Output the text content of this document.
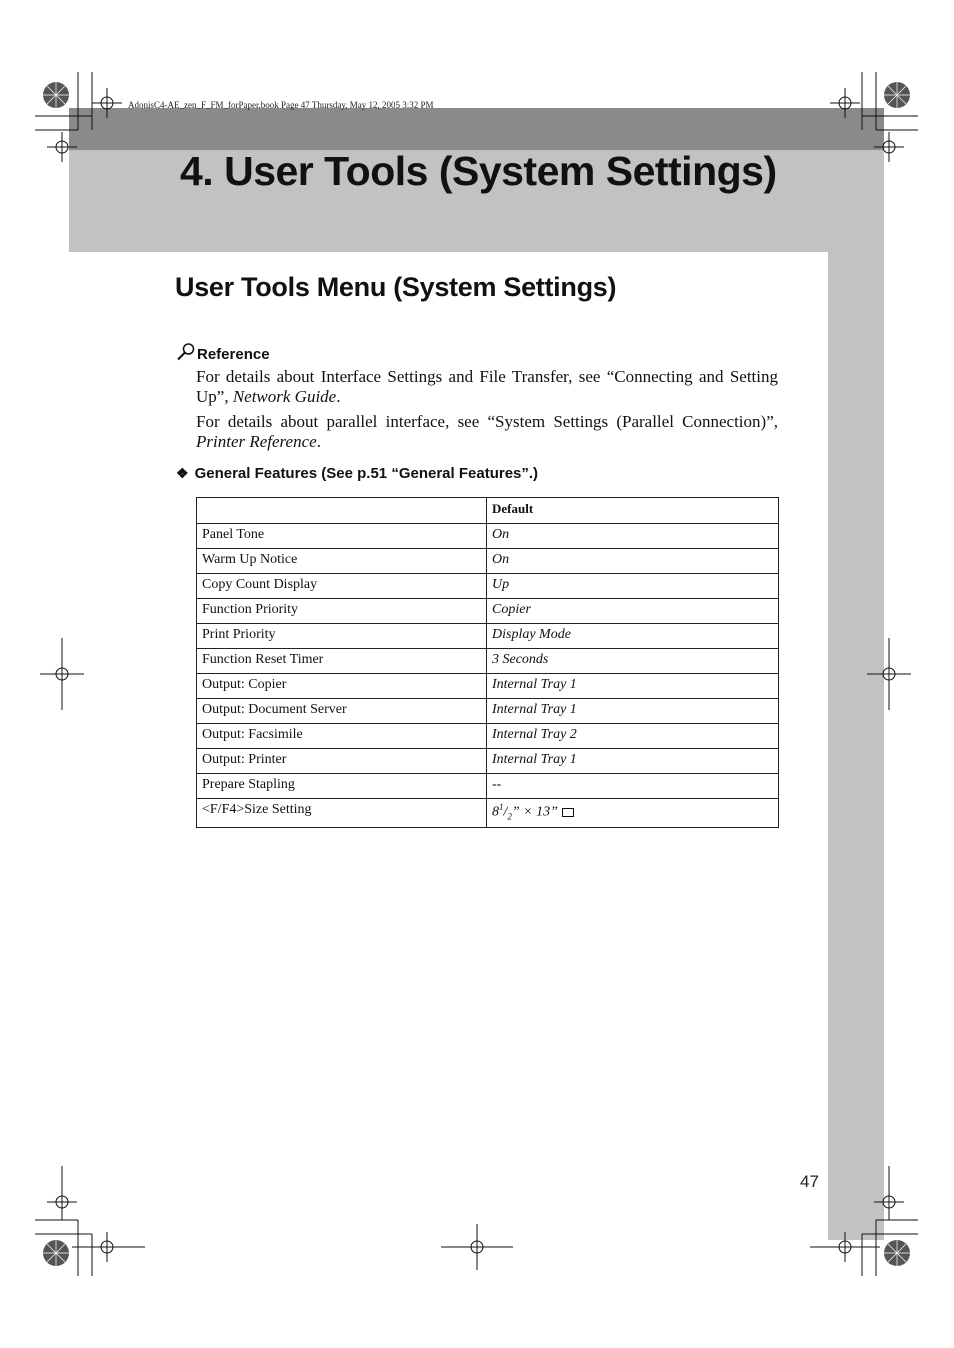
AdonisC4-AE_zen_F_FM_forPaper.book Page 47 Thursday, May 12, 2005 3:32 PM
4. User Tools (System Settings)
User Tools Menu (System Settings)
Reference
For details about Interface Settings and File Transfer, see “Connecting and Setting Up”, Network Guide.
For details about parallel interface, see “System Settings (Parallel Connection)”, Printer Reference.
❖ General Features (See p.51 “General Features”.)
	Default
Panel Tone	On
Warm Up Notice	On
Copy Count Display	Up
Function Priority	Copier
Print Priority	Display Mode
Function Reset Timer	3 Seconds
Output: Copier	Internal Tray 1
Output: Document Server	Internal Tray 1
Output: Facsimile	Internal Tray 2
Output: Printer	Internal Tray 1
Prepare Stapling	--
<F/F4>Size Setting	$8^1/_2$” × 13”
47
